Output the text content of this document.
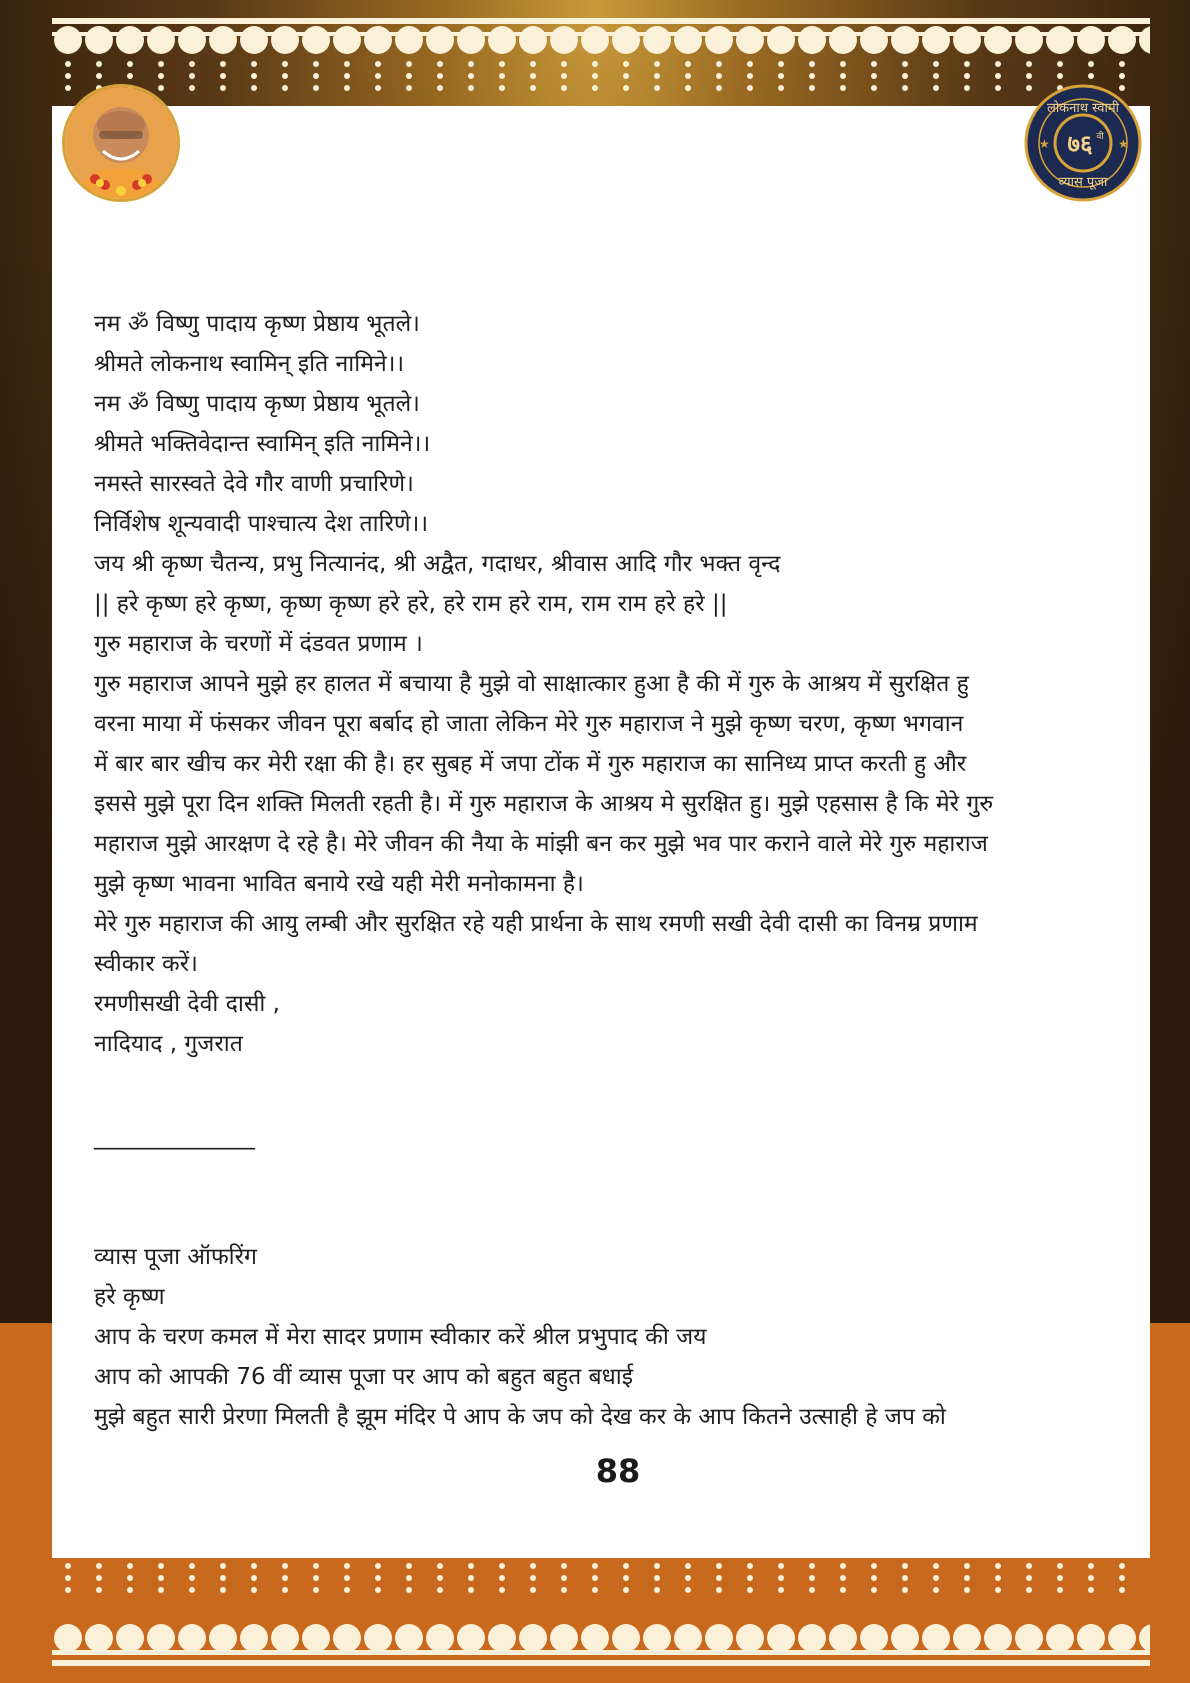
★	★
लोकनाथ स्वामी
७६ वी
व्यास पूजा

नम ॐ विष्णु पादाय कृष्ण प्रेष्ठाय भूतले।

श्रीमते लोकनाथ स्वामिन् इति नामिने।।

नम ॐ विष्णु पादाय कृष्ण प्रेष्ठाय भूतले।

श्रीमते भक्तिवेदान्त स्वामिन् इति नामिने।।

नमस्ते सारस्वते देवे गौर वाणी प्रचारिणे।

निर्विशेष शून्यवादी पाश्चात्य देश तारिणे।।

जय श्री कृष्ण चैतन्य, प्रभु नित्यानंद, श्री अद्वैत, गदाधर, श्रीवास आदि गौर भक्त वृन्द

|| हरे कृष्ण हरे कृष्ण, कृष्ण कृष्ण हरे हरे, हरे राम हरे राम, राम राम हरे हरे ||

गुरु महाराज के चरणों में दंडवत प्रणाम ।

गुरु महाराज आपने मुझे हर हालत में बचाया है मुझे वो साक्षात्कार हुआ है की में गुरु के आश्रय में सुरक्षित हु

वरना माया में फंसकर जीवन पूरा बर्बाद हो जाता लेकिन मेरे गुरु महाराज ने मुझे कृष्ण चरण, कृष्ण भगवान

में बार बार खीच कर मेरी रक्षा की है। हर सुबह में जपा टोंक में गुरु महाराज का सानिध्य प्राप्त करती हु और

इससे मुझे पूरा दिन शक्ति मिलती रहती है। में गुरु महाराज के आश्रय मे सुरक्षित हु। मुझे एहसास है कि मेरे गुरु

महाराज मुझे आरक्षण दे रहे है। मेरे जीवन की नैया के मांझी बन कर मुझे भव पार कराने वाले मेरे गुरु महाराज

मुझे कृष्ण भावना भावित बनाये रखे यही मेरी मनोकामना है।

मेरे गुरु महाराज की आयु लम्बी और सुरक्षित रहे यही प्रार्थना के साथ रमणी सखी देवी दासी का विनम्र प्रणाम

स्वीकार करें।

रमणीसखी देवी दासी ,

नादियाद , गुजरात

______________

व्यास पूजा ऑफरिंग

हरे कृष्ण

आप के चरण कमल में मेरा सादर प्रणाम स्वीकार करें श्रील प्रभुपाद की जय

आप को आपकी 76 वीं व्यास पूजा पर आप को बहुत बहुत बधाई

मुझे बहुत सारी प्रेरणा मिलती है झूम मंदिर पे आप के जप को देख कर के आप कितने उत्साही हे जप को

88
